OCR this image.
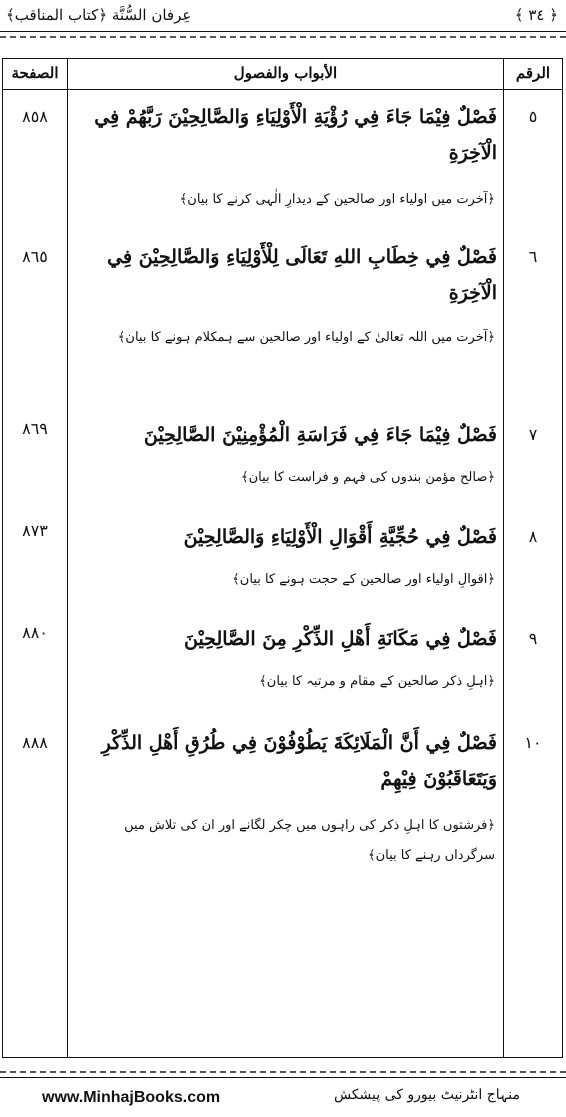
﴿ ٣٤ ﴾
عِرفان السُّنَّة ﴿كتاب المناقب﴾
الرقم
الأبواب والفصول
الصفحة
٥
٨٥٨	فَصْلٌ فِيْمَا جَاءَ فِي رُؤْيَةِ الْأَوْلِيَاءِ وَالصَّالِحِيْنَ رَبَّهُمْ فِي الْآخِرَةِ
﴿آخرت میں اولیاء اور صالحین کے دیدارِ الٰہی کرنے کا بیان﴾
٦
٨٦٥	فَصْلٌ فِي خِطَابِ اللهِ تَعَالَى لِلْأَوْلِيَاءِ وَالصَّالِحِيْنَ فِي الْآخِرَةِ
﴿آخرت میں اللہ تعالیٰ کے اولیاء اور صالحین سے ہمکلام ہونے کا بیان﴾
٧
٨٦٩	فَصْلٌ فِيْمَا جَاءَ فِي فَرَاسَةِ الْمُؤْمِنِيْنَ الصَّالِحِيْنَ
﴿صالح مؤمن بندوں کی فہم و فراست کا بیان﴾
٨
٨٧٣	فَصْلٌ فِي حُجِّيَّةِ أَقْوَالِ الْأَوْلِيَاءِ وَالصَّالِحِيْنَ
﴿اقوالِ اولیاء اور صالحین کے حجت ہونے کا بیان﴾
٩
٨٨٠	فَصْلٌ فِي مَكَانَةِ أَهْلِ الذِّكْرِ مِنَ الصَّالِحِيْنَ
﴿اہلِ ذکر صالحین کے مقام و مرتبہ کا بیان﴾
١٠
٨٨٨	فَصْلٌ فِي أَنَّ الْمَلَائِكَةَ يَطُوْفُوْنَ فِي طُرُقِ أَهْلِ الذِّكْرِ وَيَتَعَاقَبُوْنَ فِيْهِمْ
﴿فرشتوں کا اہلِ ذکر کی راہوں میں چکر لگانے اور ان کی تلاش میں سرگرداں رہنے کا بیان﴾
www.MinhajBooks.com	منہاج انٹرنیٹ بیورو کی پیشکش
